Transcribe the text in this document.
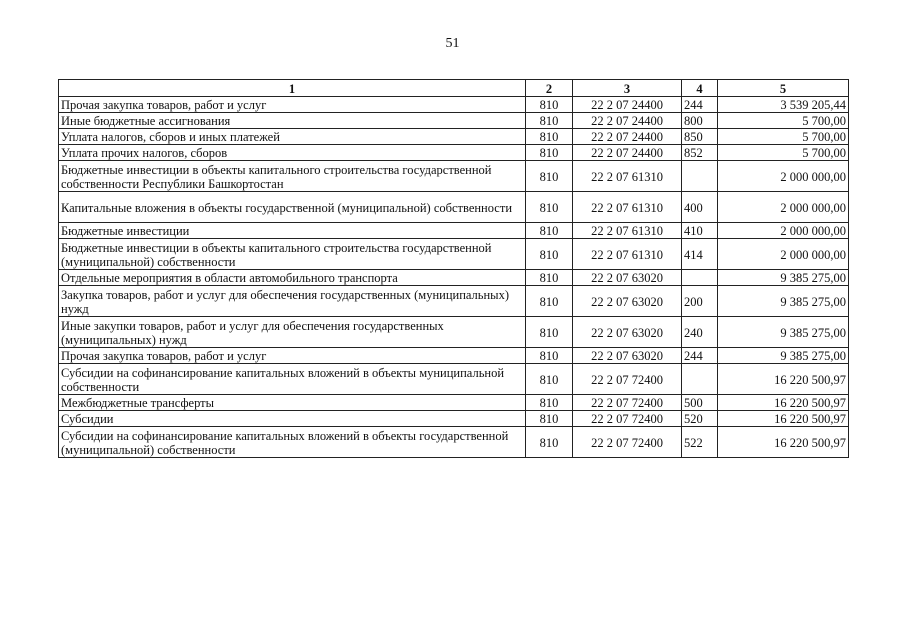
51
1	2	3	4	5
Прочая закупка товаров, работ и услуг	810	22 2 07 24400	244	3 539 205,44
Иные бюджетные ассигнования	810	22 2 07 24400	800	5 700,00
Уплата налогов, сборов и иных платежей	810	22 2 07 24400	850	5 700,00
Уплата прочих налогов, сборов	810	22 2 07 24400	852	5 700,00
Бюджетные инвестиции в объекты капитального строительства государственной собственности Республики Башкортостан	810	22 2 07 61310		2 000 000,00
Капитальные вложения в объекты государственной (муниципальной) собственности	810	22 2 07 61310	400	2 000 000,00
Бюджетные инвестиции	810	22 2 07 61310	410	2 000 000,00
Бюджетные инвестиции в объекты капитального строительства государственной (муниципальной) собственности	810	22 2 07 61310	414	2 000 000,00
Отдельные мероприятия в области автомобильного транспорта	810	22 2 07 63020		9 385 275,00
Закупка товаров, работ и услуг для обеспечения государственных (муниципальных) нужд	810	22 2 07 63020	200	9 385 275,00
Иные закупки товаров, работ и услуг для обеспечения государственных (муниципальных) нужд	810	22 2 07 63020	240	9 385 275,00
Прочая закупка товаров, работ и услуг	810	22 2 07 63020	244	9 385 275,00
Субсидии на софинансирование капитальных вложений в объекты муниципальной собственности	810	22 2 07 72400		16 220 500,97
Межбюджетные трансферты	810	22 2 07 72400	500	16 220 500,97
Субсидии	810	22 2 07 72400	520	16 220 500,97
Субсидии на софинансирование капитальных вложений в объекты государственной (муниципальной) собственности	810	22 2 07 72400	522	16 220 500,97
